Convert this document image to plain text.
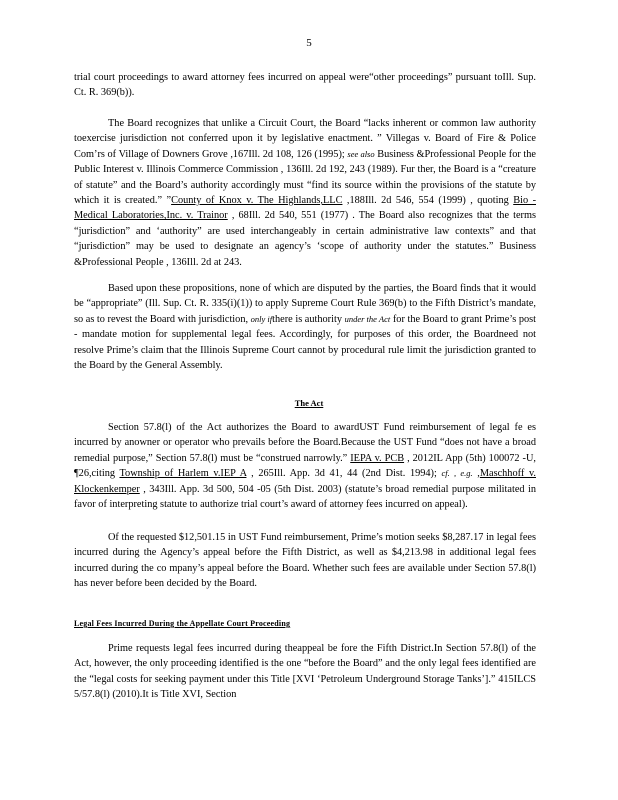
5

trial court proceedings to award attorney fees incurred on appeal were“other proceedings” pursuant toIll. Sup. Ct. R. 369(b)).

The Board recognizes that unlike a Circuit Court, the Board “lacks inherent or common law authority toexercise jurisdiction not conferred upon it by legislative enactment. ” Villegas v. Board of Fire & Police Com’rs of Village of Downers Grove ,167Ill. 2d 108, 126 (1995); see also Business &Professional People for the Public Interest v. Illinois Commerce Commission , 136Ill. 2d 192, 243 (1989). Fur ther, the Board is a “creature of statute” and the Board’s authority accordingly must “find its source within the provisions of the statute by which it is created.” ”County of Knox v. The Highlands,LLC ,188Ill. 2d 546, 554 (1999) , quoting Bio - Medical Laboratories,Inc. v. Trainor , 68Ill. 2d 540, 551 (1977) . The Board also recognizes that the terms “jurisdiction” and ‘authority” are used interchangeably in certain administrative law contexts” and that “jurisdiction” may be used to designate an agency’s ‘scope of authority under the statutes.” Business &Professional People , 136Ill. 2d at 243.

Based upon these propositions, none of which are disputed by the parties, the Board finds that it would be “appropriate” (Ill. Sup. Ct. R. 335(i)(1)) to apply Supreme Court Rule 369(b) to the Fifth District’s mandate, so as to revest the Board with jurisdiction, only ifthere is authority under the Act for the Board to grant Prime’s post - mandate motion for supplemental legal fees. Accordingly, for purposes of this order, the Boardneed not resolve Prime’s claim that the Illinois Supreme Court cannot by procedural rule limit the jurisdiction granted to the Board by the General Assembly.

The Act

Section 57.8(l) of the Act authorizes the Board to awardUST Fund reimbursement of legal fe es incurred by anowner or operator who prevails before the Board.Because the UST Fund “does not have a broad remedial purpose,” Section 57.8(l) must be “construed narrowly.” IEPA v. PCB , 2012IL App (5th) 100072 -U, ¶26,citing Township of Harlem v.IEP A , 265Ill. App. 3d 41, 44 (2nd Dist. 1994); cf. , e.g. ,Maschhoff v. Klockenkemper , 343Ill. App. 3d 500, 504 -05 (5th Dist. 2003) (statute’s broad remedial purpose militated in favor of interpreting statute to authorize trial court’s award of attorney fees incurred on appeal).

Of the requested $12,501.15 in UST Fund reimbursement, Prime’s motion seeks $8,287.17 in legal fees incurred during the Agency’s appeal before the Fifth District, as well as $4,213.98 in additional legal fees incurred during the co mpany’s appeal before the Board. Whether such fees are available under Section 57.8(l) has never before been decided by the Board.

Legal Fees Incurred During the Appellate Court Proceeding

Prime requests legal fees incurred during theappeal be fore the Fifth District.In Section 57.8(l) of the Act, however, the only proceeding identified is the one “before the Board” and the only legal fees identified are the “legal costs for seeking payment under this Title [XVI ‘Petroleum Underground Storage Tanks’].” 415ILCS 5/57.8(l) (2010).It is Title XVI, Section
